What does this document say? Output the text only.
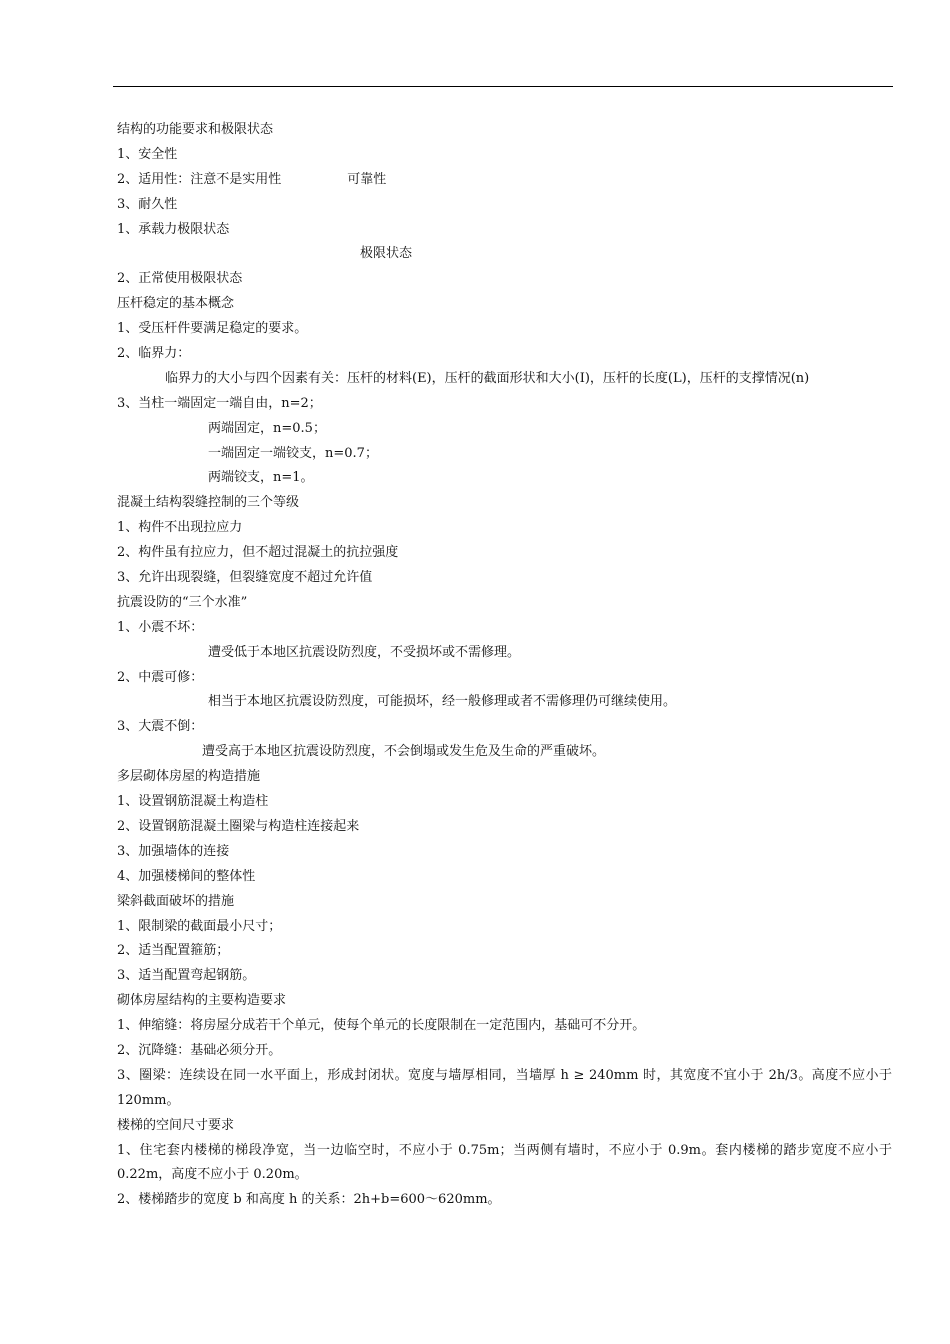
结构的功能要求和极限状态
1、安全性
2、适用性：注意不是实用性	可靠性
3、耐久性
1、承载力极限状态
极限状态
2、正常使用极限状态
压杆稳定的基本概念
1、受压杆件要满足稳定的要求。
2、临界力：
临界力的大小与四个因素有关：压杆的材料(E)，压杆的截面形状和大小(I)，压杆的长度(L)，压杆的支撑情况(n)
3、当柱一端固定一端自由，n=2；
两端固定，n=0.5；
一端固定一端铰支，n=0.7；
两端铰支，n=1。
混凝土结构裂缝控制的三个等级
1、构件不出现拉应力
2、构件虽有拉应力，但不超过混凝土的抗拉强度
3、允许出现裂缝，但裂缝宽度不超过允许值
抗震设防的“三个水准”
1、小震不坏：
遭受低于本地区抗震设防烈度，不受损坏或不需修理。
2、中震可修：
相当于本地区抗震设防烈度，可能损坏，经一般修理或者不需修理仍可继续使用。
3、大震不倒：
遭受高于本地区抗震设防烈度，不会倒塌或发生危及生命的严重破坏。
多层砌体房屋的构造措施
1、设置钢筋混凝土构造柱
2、设置钢筋混凝土圈梁与构造柱连接起来
3、加强墙体的连接
4、加强楼梯间的整体性
梁斜截面破坏的措施
1、限制梁的截面最小尺寸；
2、适当配置箍筋；
3、适当配置弯起钢筋。
砌体房屋结构的主要构造要求
1、伸缩缝：将房屋分成若干个单元，使每个单元的长度限制在一定范围内，基础可不分开。
2、沉降缝：基础必须分开。
3、圈梁：连续设在同一水平面上，形成封闭状。宽度与墙厚相同，当墙厚 h ≥ 240mm 时，其宽度不宜小于 2h/3。高度不应小于 120mm。
楼梯的空间尺寸要求
1、住宅套内楼梯的梯段净宽，当一边临空时，不应小于 0.75m；当两侧有墙时，不应小于 0.9m。套内楼梯的踏步宽度不应小于 0.22m，高度不应小于 0.20m。
2、楼梯踏步的宽度 b 和高度 h 的关系：2h+b=600～620mm。
